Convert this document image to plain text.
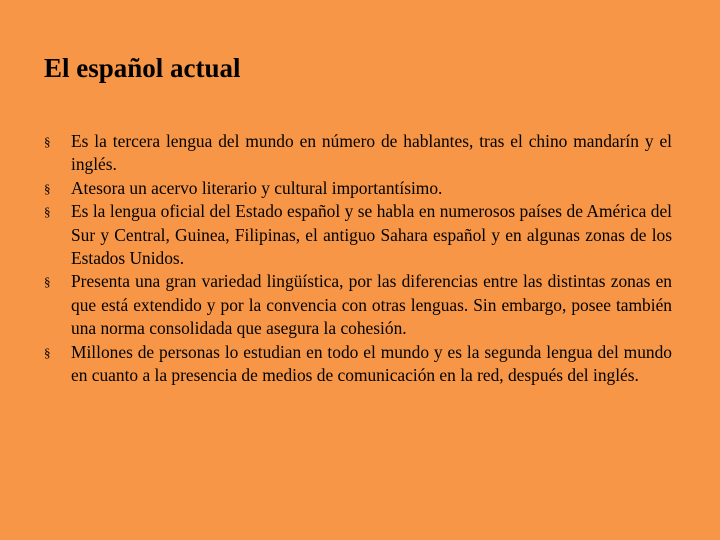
El español actual
§	Es la tercera lengua del mundo en número de hablantes, tras el chino mandarín y el inglés.
§	Atesora un acervo literario y cultural importantísimo.
§	Es la lengua oficial del Estado español y se habla en numerosos países de América del Sur y Central, Guinea, Filipinas, el antiguo Sahara español y en algunas zonas de los Estados Unidos.
§	Presenta una gran variedad lingüística, por las diferencias entre las distintas zonas en que está extendido y por la convencia con otras lenguas. Sin embargo, posee también una norma consolidada que asegura la cohesión.
§	Millones de personas lo estudian en todo el mundo y es la segunda lengua del mundo en cuanto a la presencia de medios de comunicación en la red, después del inglés.
